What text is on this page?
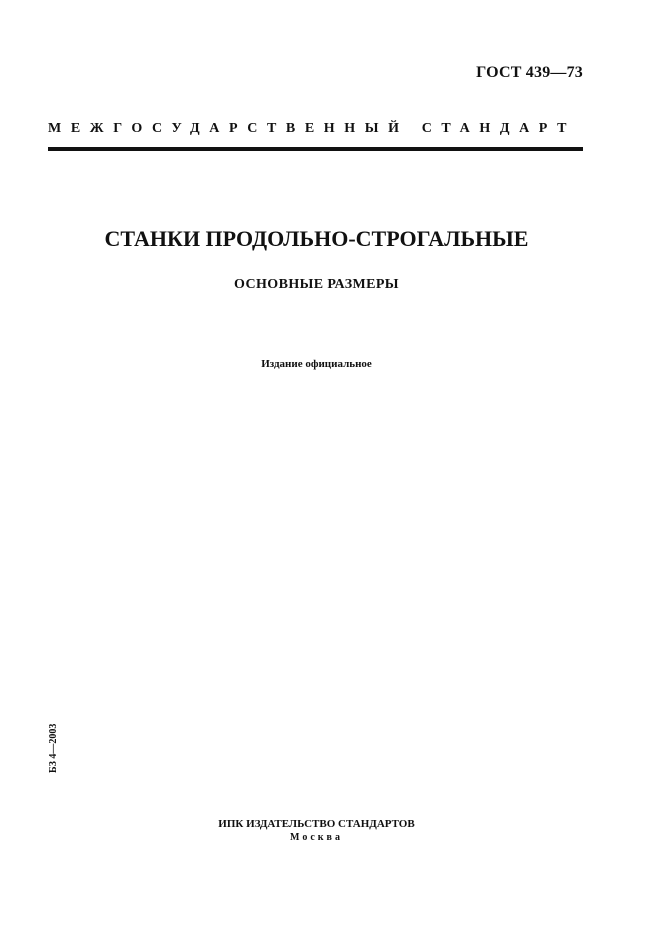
ГОСТ 439—73
МЕЖГОСУДАРСТВЕННЫЙ СТАНДАРТ
СТАНКИ ПРОДОЛЬНО-СТРОГАЛЬНЫЕ
ОСНОВНЫЕ РАЗМЕРЫ
Издание официальное
БЗ 4—2003
ИПК ИЗДАТЕЛЬСТВО СТАНДАРТОВ
Москва
